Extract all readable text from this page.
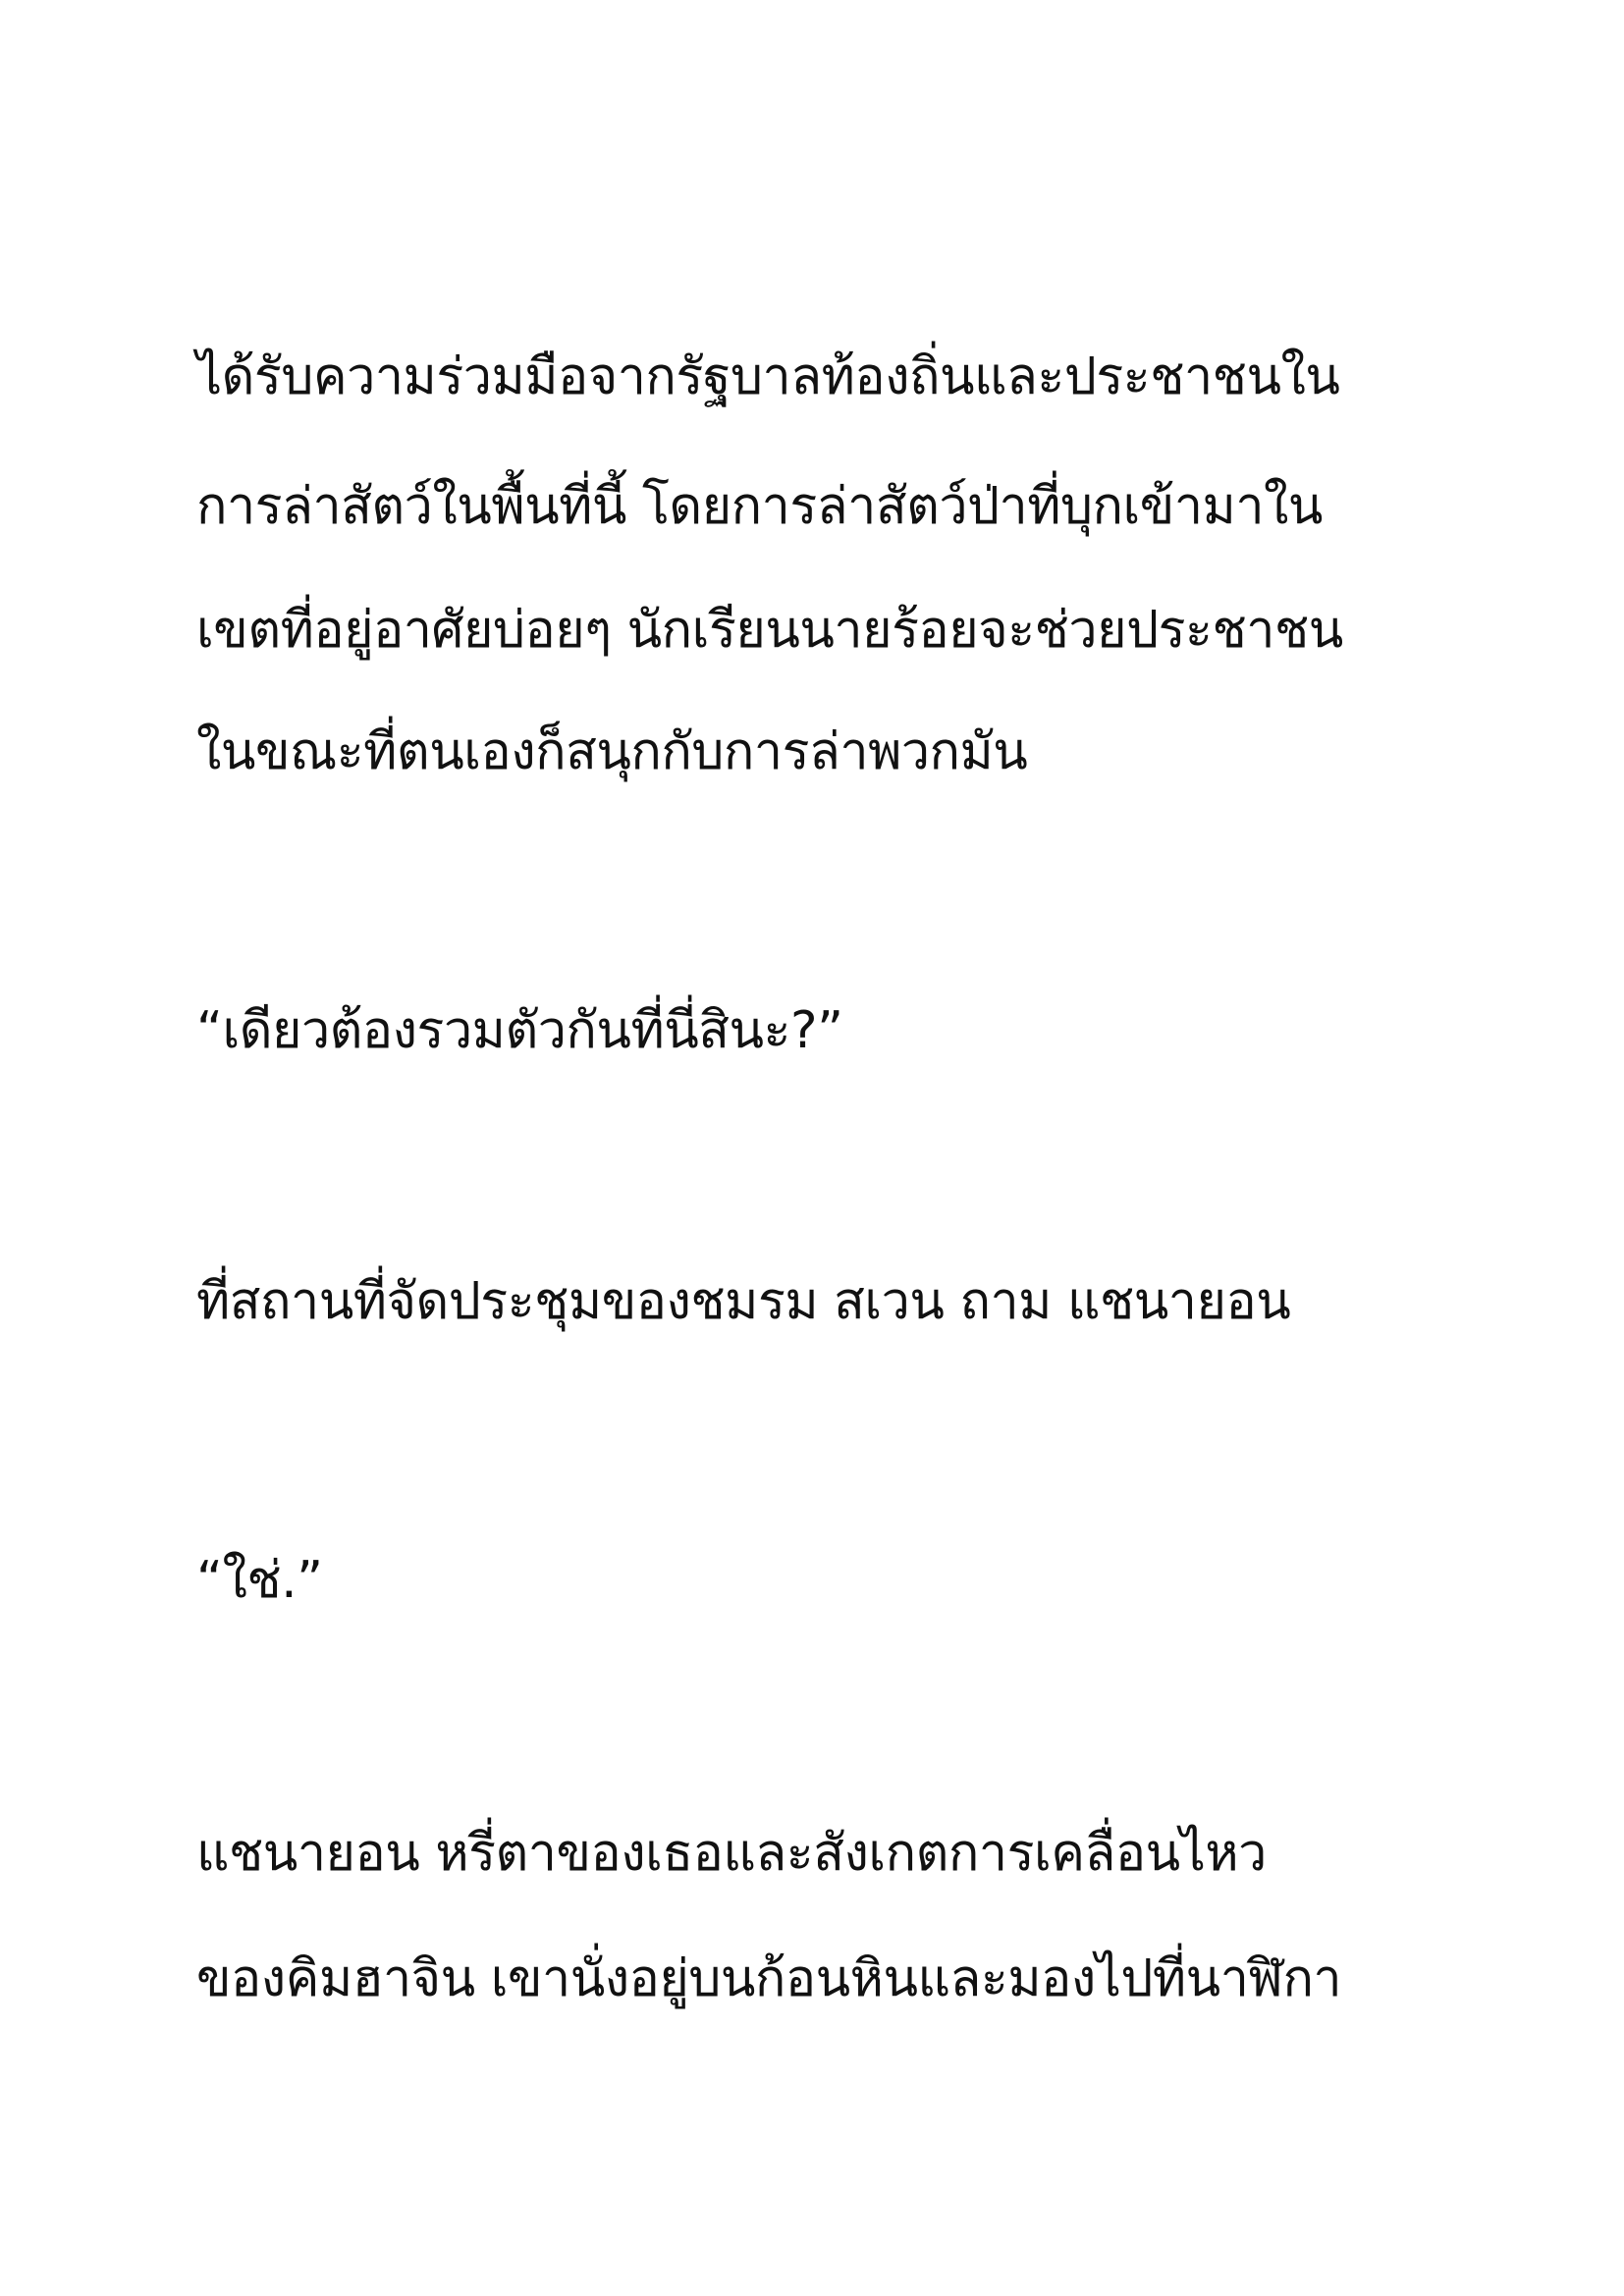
ได้รับความร่วมมือจากรัฐบาลท้องถิ่นและประชาชนใน

การล่าสัตว์ในพื้นที่นี้ โดยการล่าสัตว์ป่าที่บุกเข้ามาใน

เขตที่อยู่อาศัยบ่อยๆ นักเรียนนายร้อยจะช่วยประชาชน

ในขณะที่ตนเองก็สนุกกับการล่าพวกมัน

“เดียวต้องรวมตัวกันที่นี่สินะ?”

ที่สถานที่จัดประชุมของชมรม สเวน ถาม แชนายอน

“ใช่.”

แชนายอน หรี่ตาของเธอและสังเกตการเคลื่อนไหว

ของคิมฮาจิน เขานั่งอยู่บนก้อนหินและมองไปที่นาฬิกา
